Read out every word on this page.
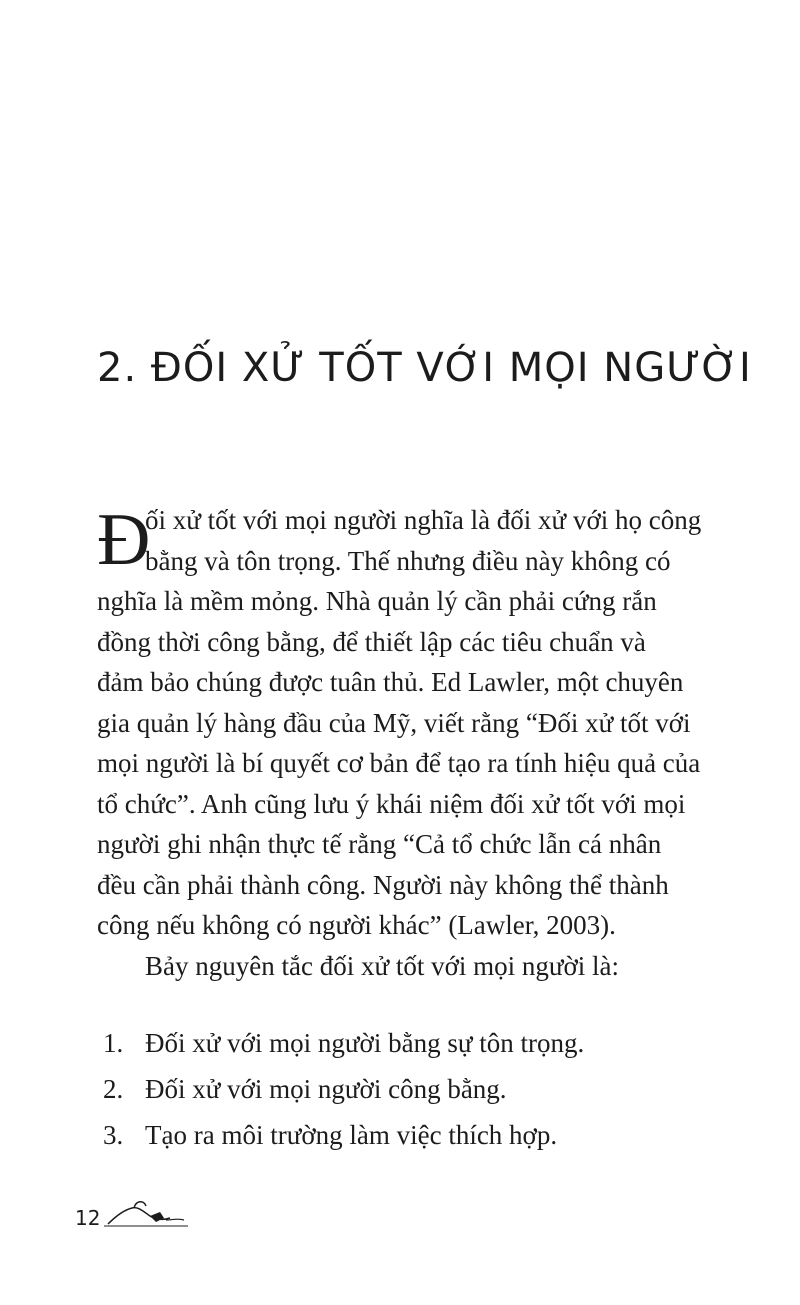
2. ĐỐI XỬ TỐT VỚI MỌI NGƯỜI
Đ
ối xử tốt với mọi người nghĩa là đối xử với họ công
bằng và tôn trọng. Thế nhưng điều này không có
nghĩa là mềm mỏng. Nhà quản lý cần phải cứng rắn
đồng thời công bằng, để thiết lập các tiêu chuẩn và
đảm bảo chúng được tuân thủ. Ed Lawler, một chuyên
gia quản lý hàng đầu của Mỹ, viết rằng “Đối xử tốt với
mọi người là bí quyết cơ bản để tạo ra tính hiệu quả của
tổ chức”. Anh cũng lưu ý khái niệm đối xử tốt với mọi
người ghi nhận thực tế rằng “Cả tổ chức lẫn cá nhân
đều cần phải thành công. Người này không thể thành
công nếu không có người khác” (Lawler, 2003).
Bảy nguyên tắc đối xử tốt với mọi người là:
1. Đối xử với mọi người bằng sự tôn trọng.
2. Đối xử với mọi người công bằng.
3. Tạo ra môi trường làm việc thích hợp.
12
